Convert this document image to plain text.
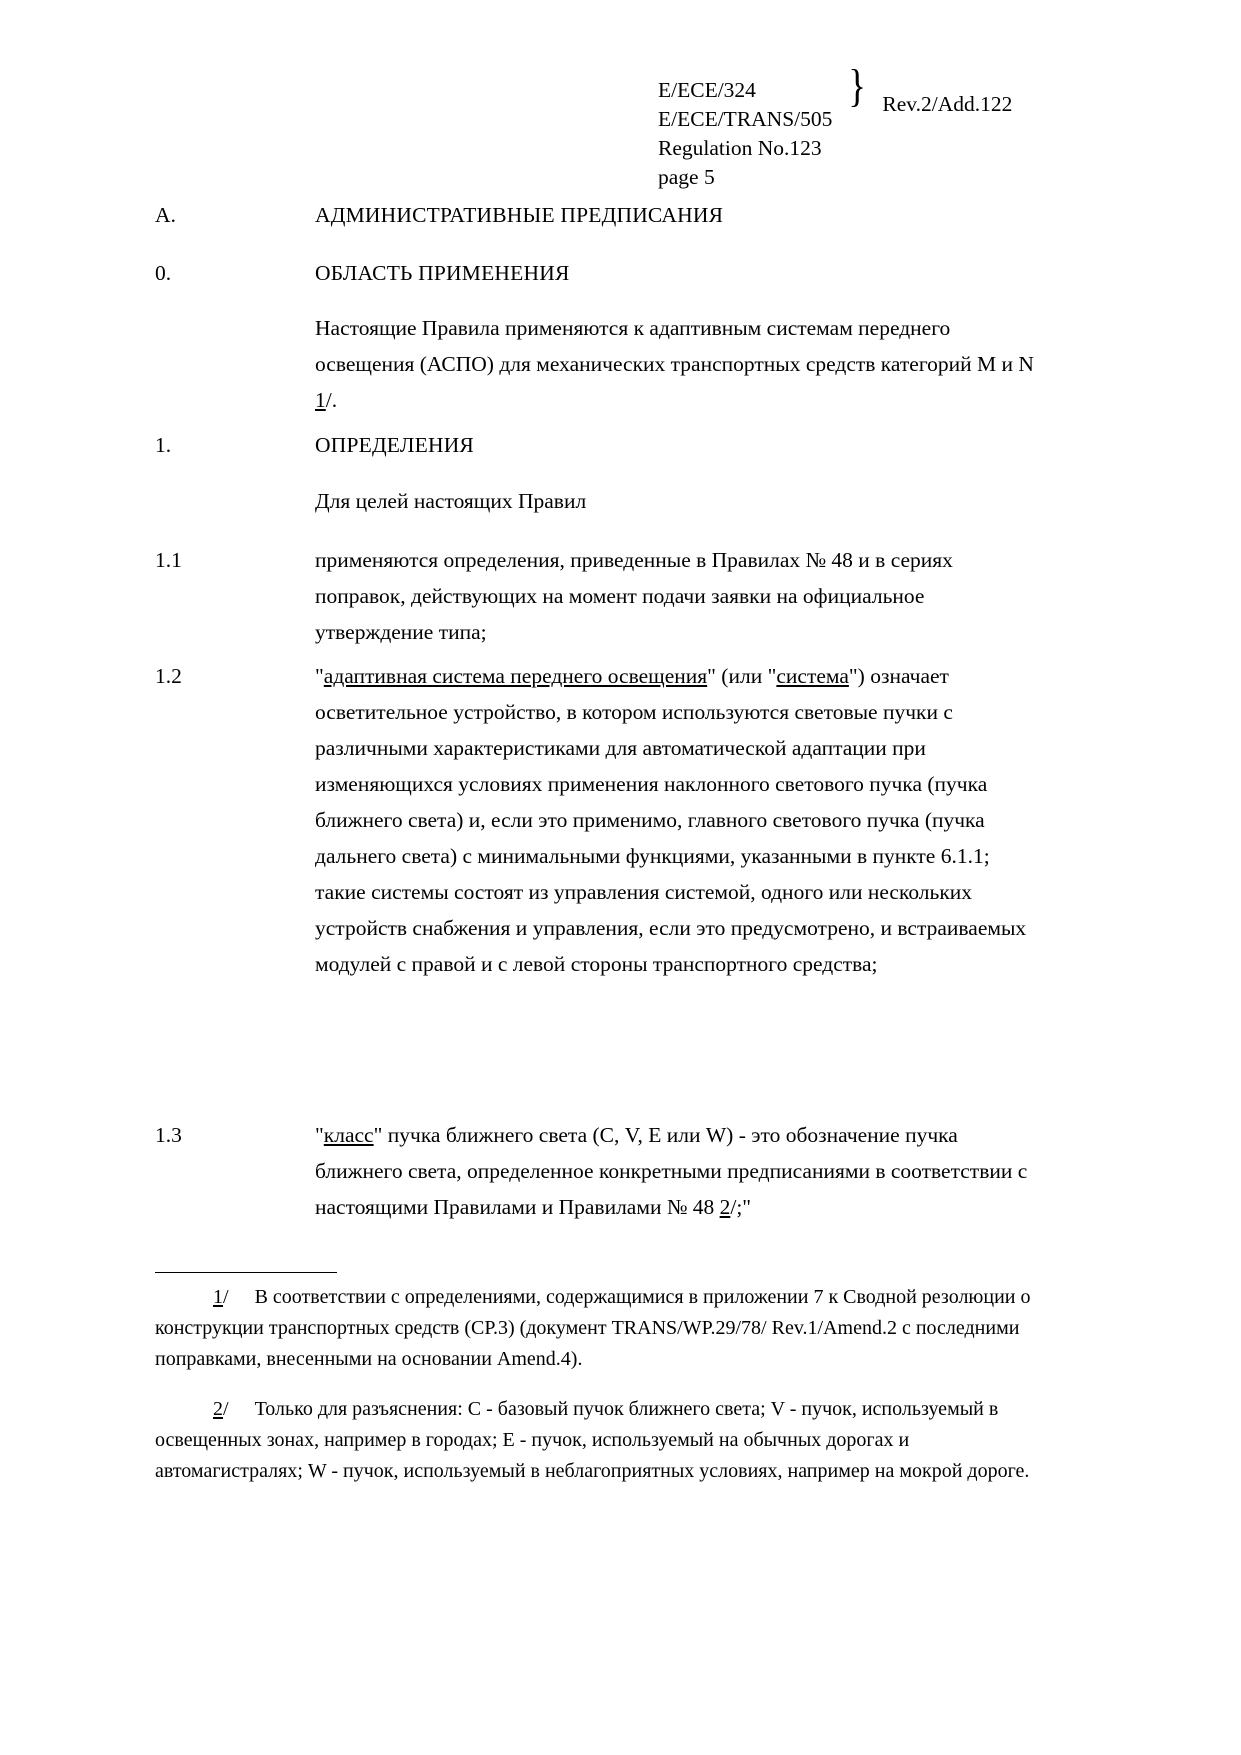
E/ECE/324
E/ECE/TRANS/505
} Rev.2/Add.122
Regulation No.123
page 5
A.	АДМИНИСТРАТИВНЫЕ ПРЕДПИСАНИЯ
0.	ОБЛАСТЬ ПРИМЕНЕНИЯ
Настоящие Правила применяются к адаптивным системам переднего освещения (АСПО) для механических транспортных средств категорий М и N 1/.
1.	ОПРЕДЕЛЕНИЯ
Для целей настоящих Правил
1.1	применяются определения, приведенные в Правилах № 48 и в сериях поправок, действующих на момент подачи заявки на официальное утверждение типа;
1.2	"адаптивная система переднего освещения" (или "система") означает осветительное устройство, в котором используются световые пучки с различными характеристиками для автоматической адаптации при изменяющихся условиях применения наклонного светового пучка (пучка ближнего света) и, если это применимо, главного светового пучка (пучка дальнего света) с минимальными функциями, указанными в пункте 6.1.1; такие системы состоят из управления системой, одного или нескольких устройств снабжения и управления, если это предусмотрено, и встраиваемых модулей с правой и с левой стороны транспортного средства;
1.3	"класс" пучка ближнего света (С, V, Е или W) - это обозначение пучка ближнего света, определенное конкретными предписаниями в соответствии с настоящими Правилами и Правилами № 48 2/;"
1/ В соответствии с определениями, содержащимися в приложении 7 к Сводной резолюции о конструкции транспортных средств (СР.3) (документ TRANS/WP.29/78/ Rev.1/Amend.2 с последними поправками, внесенными на основании Amend.4).
2/ Только для разъяснения: С - базовый пучок ближнего света; V - пучок, используемый в освещенных зонах, например в городах; Е - пучок, используемый на обычных дорогах и автомагистралях; W - пучок, используемый в неблагоприятных условиях, например на мокрой дороге.
